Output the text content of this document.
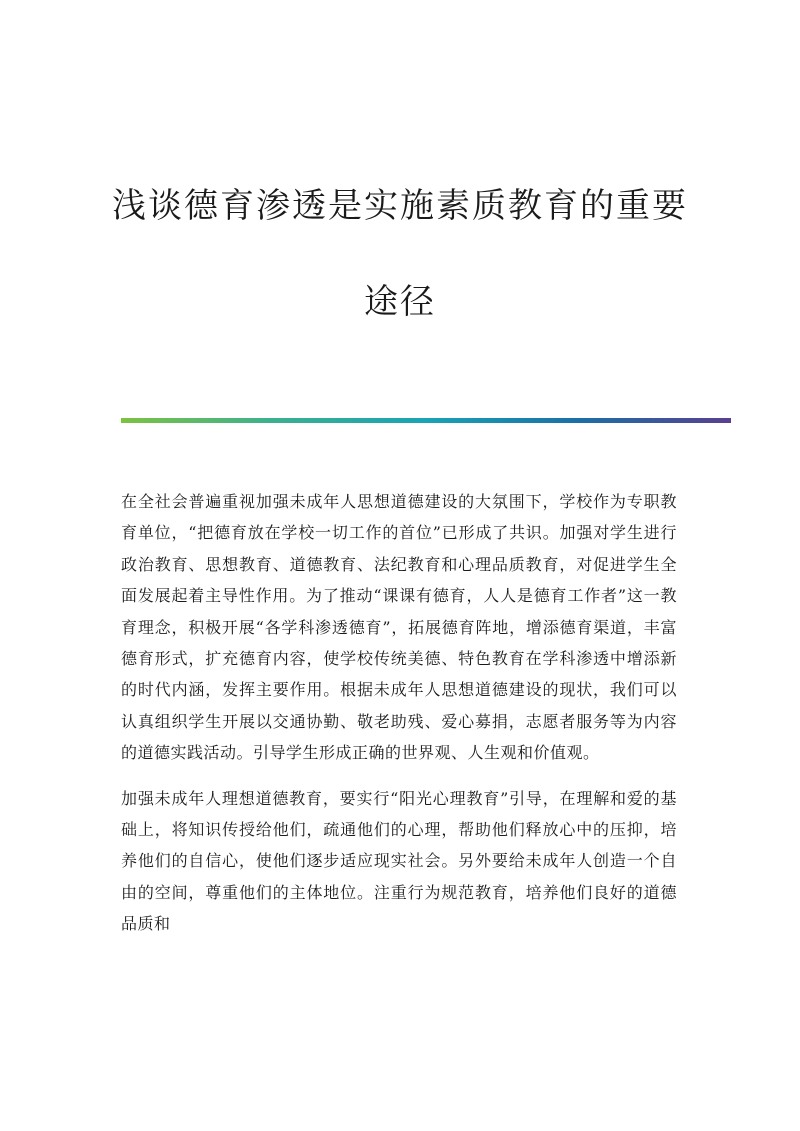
浅谈德育渗透是实施素质教育的重要途径

在全社会普遍重视加强未成年人思想道德建设的大氛围下，学校作为专职教育单位，“把德育放在学校一切工作的首位”已形成了共识。加强对学生进行政治教育、思想教育、道德教育、法纪教育和心理品质教育，对促进学生全面发展起着主导性作用。为了推动“课课有德育，人人是德育工作者”这一教育理念，积极开展“各学科渗透德育”，拓展德育阵地，增添德育渠道，丰富德育形式，扩充德育内容，使学校传统美德、特色教育在学科渗透中增添新的时代内涵，发挥主要作用。根据未成年人思想道德建设的现状，我们可以认真组织学生开展以交通协勤、敬老助残、爱心募捐，志愿者服务等为内容的道德实践活动。引导学生形成正确的世界观、人生观和价值观。

加强未成年人理想道德教育，要实行“阳光心理教育”引导，在理解和爱的基础上，将知识传授给他们，疏通他们的心理，帮助他们释放心中的压抑，培养他们的自信心，使他们逐步适应现实社会。另外要给未成年人创造一个自由的空间，尊重他们的主体地位。注重行为规范教育，培养他们良好的道德品质和
